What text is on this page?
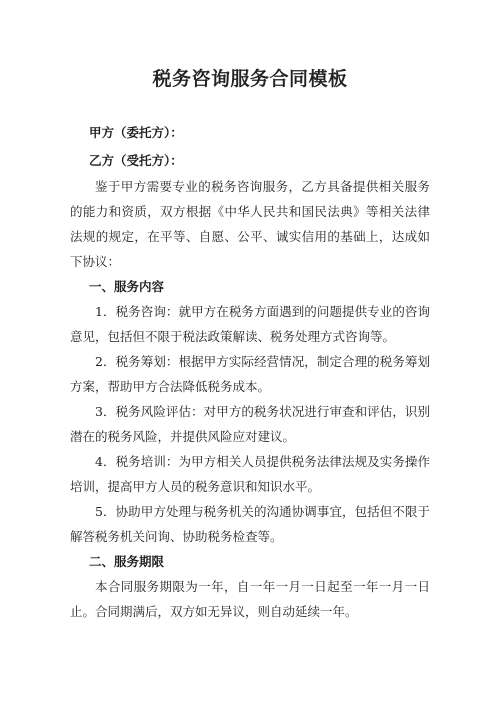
税务咨询服务合同模板

甲方（委托方）：

乙方（受托方）：

鉴于甲方需要专业的税务咨询服务，乙方具备提供相关服务的能力和资质，双方根据《中华人民共和国民法典》等相关法律法规的规定，在平等、自愿、公平、诚实信用的基础上，达成如下协议：

一、服务内容

1．税务咨询：就甲方在税务方面遇到的问题提供专业的咨询意见，包括但不限于税法政策解读、税务处理方式咨询等。

2．税务筹划：根据甲方实际经营情况，制定合理的税务筹划方案，帮助甲方合法降低税务成本。

3．税务风险评估：对甲方的税务状况进行审查和评估，识别潜在的税务风险，并提供风险应对建议。

4．税务培训：为甲方相关人员提供税务法律法规及实务操作培训，提高甲方人员的税务意识和知识水平。

5．协助甲方处理与税务机关的沟通协调事宜，包括但不限于解答税务机关问询、协助税务检查等。

二、服务期限

本合同服务期限为一年，自一年一月一日起至一年一月一日止。合同期满后，双方如无异议，则自动延续一年。
